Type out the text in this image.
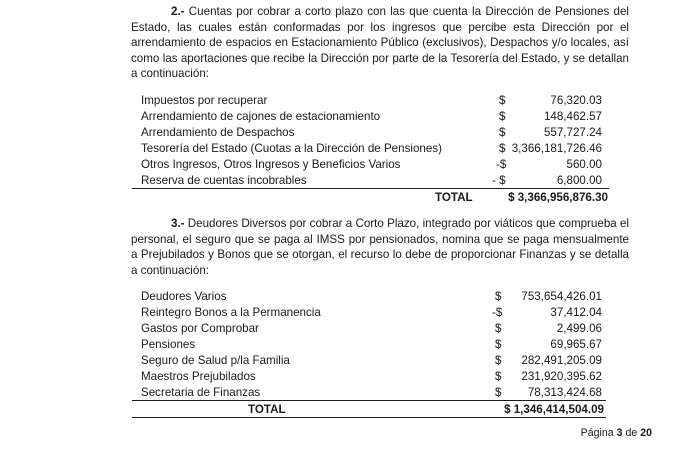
2.- Cuentas por cobrar a corto plazo con las que cuenta la Dirección de Pensiones del Estado, las cuales están conformadas por los ingresos que percibe esta Dirección por el arrendamiento de espacios en Estacionamiento Público (exclusivos), Despachos y/o locales, así como las aportaciones que recibe la Dirección por parte de la Tesorería del Estado, y se detallan a continuación:

Impuestos por recuperar	$	76,320.03
Arrendamiento de cajones de estacionamiento	$	148,462.57
Arrendamiento de Despachos	$	557,727.24
Tesorería del Estado (Cuotas a la Dirección de Pensiones)	$ 3,366,181,726.46
Otros Ingresos, Otros Ingresos y Beneficios Varios	-$	560.00
Reserva de cuentas incobrables	- $	6,800.00
TOTAL	$ 3,366,956,876.30

3.- Deudores Diversos por cobrar a Corto Plazo, integrado por viáticos que comprueba el personal, el seguro que se paga al IMSS por pensionados, nomina que se paga mensualmente a Prejubilados y Bonos que se otorgan, el recurso lo debe de proporcionar Finanzas y se detalla a continuación:

Deudores Varios	$ 753,654,426.01
Reintegro Bonos a la Permanencia	-$	37,412.04
Gastos por Comprobar	$	2,499.06
Pensiones	$	69,965.67
Seguro de Salud p/la Familia	$ 282,491,205.09
Maestros Prejubilados	$ 231,920,395.62
Secretaria de Finanzas	$ 78,313,424.68
TOTAL	$ 1,346,414,504.09
Página 3 de 20
